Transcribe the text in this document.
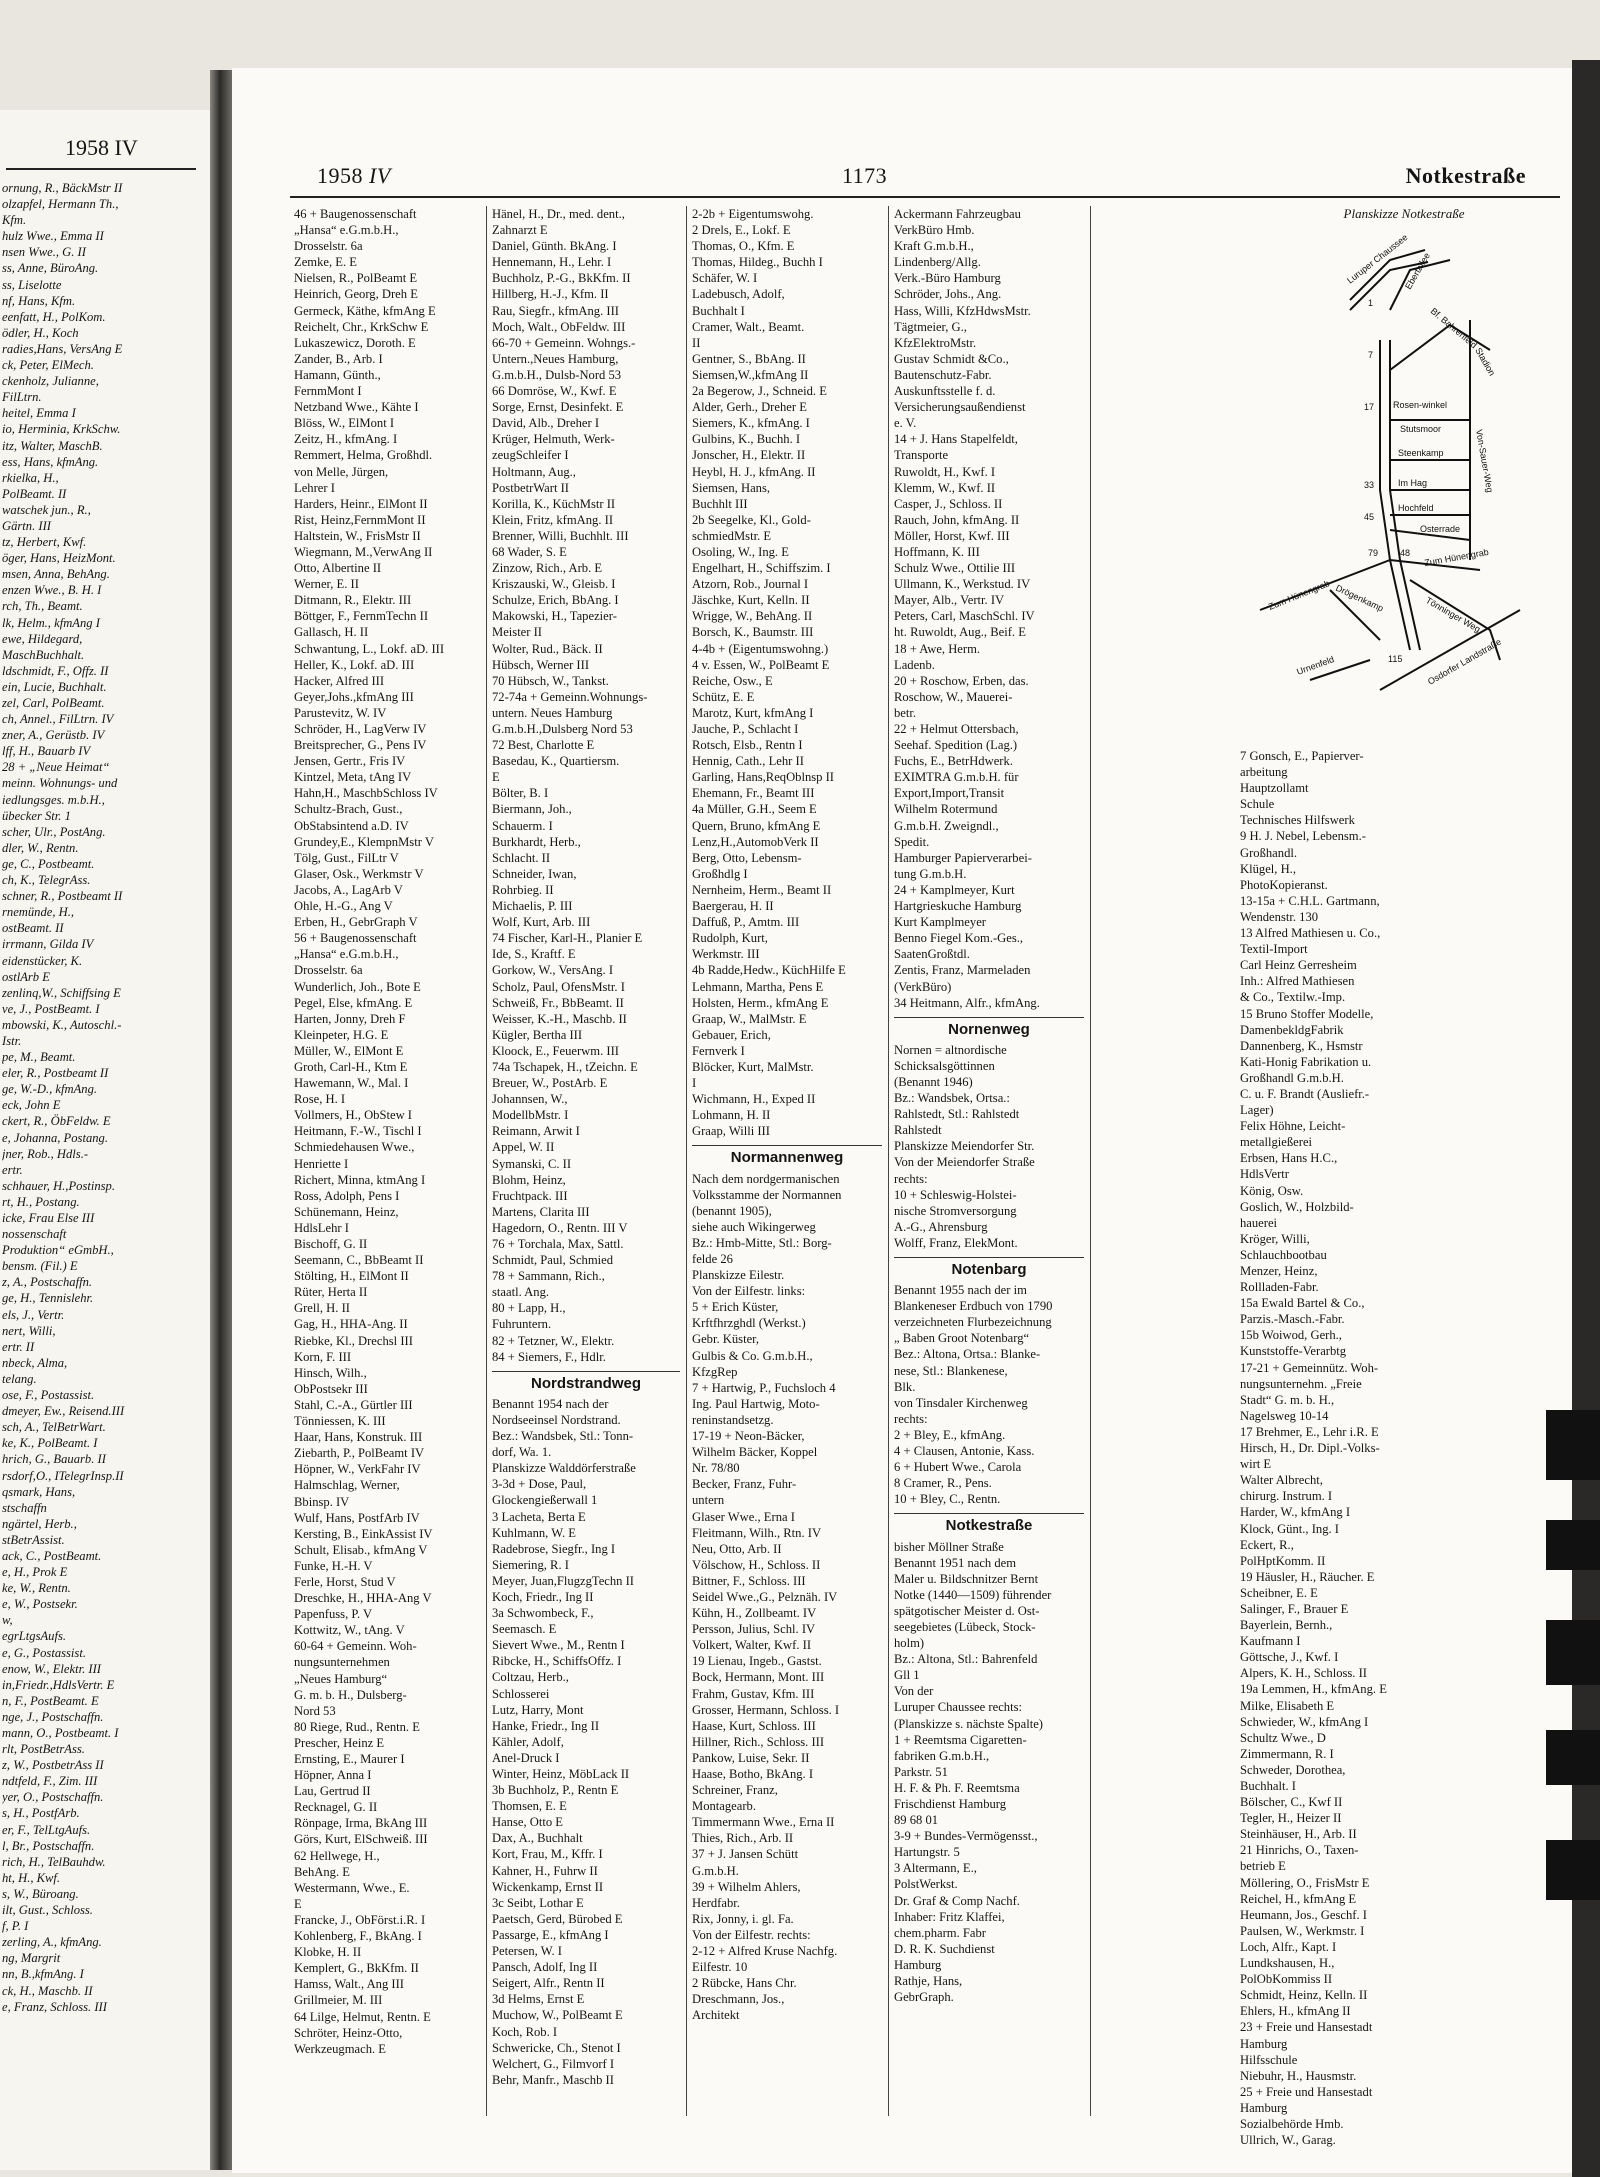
1958 IV
ornung, R., BäckMstr II
olzapfel, Hermann Th.,
Kfm.
hulz Wwe., Emma II
nsen Wwe., G. II
ss, Anne, BüroAng.
ss, Liselotte
nf, Hans, Kfm.
eenfatt, H., PolKom.
ödler, H., Koch
radies,Hans, VersAng E
ck, Peter, ElMech.
ckenholz, Julianne,
FilLtrn.
heitel, Emma I
io, Herminia, KrkSchw.
itz, Walter, MaschB.
ess, Hans, kfmAng.
rkielka, H.,
PolBeamt. II
watschek jun., R.,
Gärtn. III
tz, Herbert, Kwf.
öger, Hans, HeizMont.
msen, Anna, BehAng.
enzen Wwe., B. H. I
rch, Th., Beamt.
lk, Helm., kfmAng I
ewe, Hildegard,
MaschBuchhalt.
ldschmidt, F., Offz. II
ein, Lucie, Buchhalt.
zel, Carl, PolBeamt.
ch, Annel., FilLtrn. IV
zner, A., Gerüstb. IV
lff, H., Bauarb IV
28 + „Neue Heimat“
meinn. Wohnungs- und
iedlungsges. m.b.H.,
übecker Str. 1
scher, Ulr., PostAng.
dler, W., Rentn.
ge, C., Postbeamt.
ch, K., TelegrAss.
schner, R., Postbeamt II
rnemünde, H.,
ostBeamt. II
irrmann, Gilda IV
eidenstücker, K.
ostlArb E
zenlinq,W., Schiffsing E
ve, J., PostBeamt. I
mbowski, K., Autoschl.-
Istr.
pe, M., Beamt.
eler, R., Postbeamt II
ge, W.-D., kfmAng.
eck, John E
ckert, R., ÖbFeldw. E
e, Johanna, Postang.
jner, Rob., Hdls.-
ertr.
schhauer, H.,Postinsp.
rt, H., Postang.
icke, Frau Else III
nossenschaft
Produktion“ eGmbH.,
bensm. (Fil.) E
z, A., Postschaffn.
ge, H., Tennislehr.
els, J., Vertr.
nert, Willi,
ertr. II
nbeck, Alma,
telang.
ose, F., Postassist.
dmeyer, Ew., Reisend.III
sch, A., TelBetrWart.
ke, K., PolBeamt. I
hrich, G., Bauarb. II
rsdorf,O., ITelegrInsp.II
qsmark, Hans,
stschaffn
ngärtel, Herb.,
stBetrAssist.
ack, C., PostBeamt.
e, H., Prok E
ke, W., Rentn.
e, W., Postsekr.
w,
egrLtgsAufs.
e, G., Postassist.
enow, W., Elektr. III
in,Friedr.,HdlsVertr. E
n, F., PostBeamt. E
nge, J., Postschaffn.
mann, O., Postbeamt. I
rlt, PostBetrAss.
z, W., PostbetrAss II
ndtfeld, F., Zim. III
yer, O., Postschaffn.
s, H., PostfArb.
er, F., TelLtgAufs.
l, Br., Postschaffn.
rich, H., TelBauhdw.
ht, H., Kwf.
s, W., Büroang.
ilt, Gust., Schloss.
f, P. I
zerling, A., kfmAng.
ng, Margrit
nn, B.,kfmAng. I
ck, H., Maschb. II
e, Franz, Schloss. III
1958 IV	1173	Notkestraße
46 + Baugenossenschaft
„Hansa“ e.G.m.b.H.,
Drosselstr. 6a
Zemke, E. E
Nielsen, R., PolBeamt E
Heinrich, Georg, Dreh E
Germeck, Käthe, kfmAng E
Reichelt, Chr., KrkSchw E
Lukaszewicz, Doroth. E
Zander, B., Arb. I
Hamann, Günth.,
FernmMont I
Netzband Wwe., Kähte I
Blöss, W., ElMont I
Zeitz, H., kfmAng. I
Remmert, Helma, Großhdl.
von Melle, Jürgen,
Lehrer I
Harders, Heinr., ElMont II
Rist, Heinz,FernmMont II
Haltstein, W., FrisMstr II
Wiegmann, M.,VerwAng II
Otto, Albertine II
Werner, E. II
Ditmann, R., Elektr. III
Böttger, F., FernmTechn II
Gallasch, H. II
Schwantung, L., Lokf. aD. III
Heller, K., Lokf. aD. III
Hacker, Alfred III
Geyer,Johs.,kfmAng III
Parustevitz, W. IV
Schröder, H., LagVerw IV
Breitsprecher, G., Pens IV
Jensen, Gertr., Fris IV
Kintzel, Meta, tAng IV
Hahn,H., MaschbSchloss IV
Schultz-Brach, Gust.,
ObStabsintend a.D. IV
Grundey,E., KlempnMstr V
Tölg, Gust., FilLtr V
Glaser, Osk., Werkmstr V
Jacobs, A., LagArb V
Ohle, H.-G., Ang V
Erben, H., GebrGraph V
56 + Baugenossenschaft
„Hansa“ e.G.m.b.H.,
Drosselstr. 6a
Wunderlich, Joh., Bote E
Pegel, Else, kfmAng. E
Harten, Jonny, Dreh F
Kleinpeter, H.G. E
Müller, W., ElMont E
Groth, Carl-H., Ktm E
Hawemann, W., Mal. I
Rose, H. I
Vollmers, H., ObStew I
Heitmann, F.-W., Tischl I
Schmiedehausen Wwe.,
Henriette I
Richert, Minna, ktmAng I
Ross, Adolph, Pens I
Schünemann, Heinz,
HdlsLehr I
Bischoff, G. II
Seemann, C., BbBeamt II
Stölting, H., ElMont II
Rüter, Herta II
Grell, H. II
Gag, H., HHA-Ang. II
Riebke, Kl., Drechsl III
Korn, F. III
Hinsch, Wilh.,
ObPostsekr III
Stahl, C.-A., Gürtler III
Tönniessen, K. III
Haar, Hans, Konstruk. III
Ziebarth, P., PolBeamt IV
Höpner, W., VerkFahr IV
Halmschlag, Werner,
Bbinsp. IV
Wulf, Hans, PostfArb IV
Kersting, B., EinkAssist IV
Schult, Elisab., kfmAng V
Funke, H.-H. V
Ferle, Horst, Stud V
Dreschke, H., HHA-Ang V
Papenfuss, P. V
Kottwitz, W., tAng. V
60-64 + Gemeinn. Woh-
nungsunternehmen
„Neues Hamburg“
G. m. b. H., Dulsberg-
Nord 53
80 Riege, Rud., Rentn. E
Prescher, Heinz E
Ernsting, E., Maurer I
Höpner, Anna I
Lau, Gertrud II
Recknagel, G. II
Rönpage, Irma, BkAng III
Görs, Kurt, ElSchweiß. III
62 Hellwege, H.,
BehAng. E
Westermann, Wwe., E.
E
Francke, J., ObFörst.i.R. I
Kohlenberg, F., BkAng. I
Klobke, H. II
Kemplert, G., BkKfm. II
Hamss, Walt., Ang III
Grillmeier, M. III
64 Lilge, Helmut, Rentn. E
Schröter, Heinz-Otto,
Werkzeugmach. E
Hänel, H., Dr., med. dent.,
Zahnarzt E
Daniel, Günth. BkAng. I
Hennemann, H., Lehr. I
Buchholz, P.-G., BkKfm. II
Hillberg, H.-J., Kfm. II
Rau, Siegfr., kfmAng. III
Moch, Walt., ObFeldw. III
66-70 + Gemeinn. Wohngs.-
Untern.,Neues Hamburg,
G.m.b.H., Dulsb-Nord 53
66 Domröse, W., Kwf. E
Sorge, Ernst, Desinfekt. E
David, Alb., Dreher I
Krüger, Helmuth, Werk-
zeugSchleifer I
Holtmann, Aug.,
PostbetrWart II
Korilla, K., KüchMstr II
Klein, Fritz, kfmAng. II
Brenner, Willi, Buchhlt. III
68 Wader, S. E
Zinzow, Rich., Arb. E
Kriszauski, W., Gleisb. I
Schulze, Erich, BbAng. I
Makowski, H., Tapezier-
Meister II
Wolter, Rud., Bäck. II
Hübsch, Werner III
70 Hübsch, W., Tankst.
72-74a + Gemeinn.Wohnungs-
untern. Neues Hamburg
G.m.b.H.,Dulsberg Nord 53
72 Best, Charlotte E
Basedau, K., Quartiersm.
E
Bölter, B. I
Biermann, Joh.,
Schauerm. I
Burkhardt, Herb.,
Schlacht. II
Schneider, Iwan,
Rohrbieg. II
Michaelis, P. III
Wolf, Kurt, Arb. III
74 Fischer, Karl-H., Planier E
Ide, S., Kraftf. E
Gorkow, W., VersAng. I
Scholz, Paul, OfensMstr. I
Schweiß, Fr., BbBeamt. II
Weisser, K.-H., Maschb. II
Kügler, Bertha III
Kloock, E., Feuerwm. III
74a Tschapek, H., tZeichn. E
Breuer, W., PostArb. E
Johannsen, W.,
ModellbMstr. I
Reimann, Arwit I
Appel, W. II
Symanski, C. II
Blohm, Heinz,
Fruchtpack. III
Martens, Clarita III
Hagedorn, O., Rentn. III V
76 + Torchala, Max, Sattl.
Schmidt, Paul, Schmied
78 + Sammann, Rich.,
staatl. Ang.
80 + Lapp, H.,
Fuhruntern.
82 + Tetzner, W., Elektr.
84 + Siemers, F., Hdlr.
Nordstrandweg
Benannt 1954 nach der
Nordseeinsel Nordstrand.
Bez.: Wandsbek, Stl.: Tonn-
dorf, Wa. 1.
Planskizze Walddörferstraße
3-3d + Dose, Paul,
Glockengießerwall 1
3 Lacheta, Berta E
Kuhlmann, W. E
Radebrose, Siegfr., Ing I
Siemering, R. I
Meyer, Juan,FlugzgTechn II
Koch, Friedr., Ing II
3a Schwombeck, F.,
Seemasch. E
Sievert Wwe., M., Rentn I
Ribcke, H., SchiffsOffz. I
Coltzau, Herb.,
Schlosserei
Lutz, Harry, Mont
Hanke, Friedr., Ing II
Kähler, Adolf,
Anel-Druck I
Winter, Heinz, MöbLack II
3b Buchholz, P., Rentn E
Thomsen, E. E
Hanse, Otto E
Dax, A., Buchhalt
Kort, Frau, M., Kffr. I
Kahner, H., Fuhrw II
Wickenkamp, Ernst II
3c Seibt, Lothar E
Paetsch, Gerd, Bürobed E
Passarge, E., kfmAng I
Petersen, W. I
Pansch, Adolf, Ing II
Seigert, Alfr., Rentn II
3d Helms, Ernst E
Muchow, W., PolBeamt E
Koch, Rob. I
Schwericke, Ch., Stenot I
Welchert, G., Filmvorf I
Behr, Manfr., Maschb II
2-2b + Eigentumswohg.
2 Drels, E., Lokf. E
Thomas, O., Kfm. E
Thomas, Hildeg., Buchh I
Schäfer, W. I
Ladebusch, Adolf,
Buchhalt I
Cramer, Walt., Beamt.
II
Gentner, S., BbAng. II
Siemsen,W.,kfmAng II
2a Begerow, J., Schneid. E
Alder, Gerh., Dreher E
Siemers, K., kfmAng. I
Gulbins, K., Buchh. I
Jonscher, H., Elektr. II
Heybl, H. J., kfmAng. II
Siemsen, Hans,
Buchhlt III
2b Seegelke, Kl., Gold-
schmiedMstr. E
Osoling, W., Ing. E
Engelhart, H., Schiffszim. I
Atzorn, Rob., Journal I
Jäschke, Kurt, Kelln. II
Wrigge, W., BehAng. II
Borsch, K., Baumstr. III
4-4b + (Eigentumswohng.)
4 v. Essen, W., PolBeamt E
Reiche, Osw., E
Schütz, E. E
Marotz, Kurt, kfmAng I
Jauche, P., Schlacht I
Rotsch, Elsb., Rentn I
Hennig, Cath., Lehr II
Garling, Hans,ReqOblnsp II
Ehemann, Fr., Beamt III
4a Müller, G.H., Seem E
Quern, Bruno, kfmAng E
Lenz,H.,AutomobVerk II
Berg, Otto, Lebensm-
Großhdlg I
Nernheim, Herm., Beamt II
Baergerau, H. II
Daffuß, P., Amtm. III
Rudolph, Kurt,
Werkmstr. III
4b Radde,Hedw., KüchHilfe E
Lehmann, Martha, Pens E
Holsten, Herm., kfmAng E
Graap, W., MalMstr. E
Gebauer, Erich,
Fernverk I
Blöcker, Kurt, MalMstr.
I
Wichmann, H., Exped II
Lohmann, H. II
Graap, Willi III
Normannenweg
Nach dem nordgermanischen
Volksstamme der Normannen
(benannt 1905),
siehe auch Wikingerweg
Bz.: Hmb-Mitte, Stl.: Borg-
felde 26
Planskizze Eilestr.
Von der Eilfestr. links:
5 + Erich Küster,
Krftfhrzghdl (Werkst.)
Gebr. Küster,
Gulbis & Co. G.m.b.H.,
KfzgRep
7 + Hartwig, P., Fuchsloch 4
Ing. Paul Hartwig, Moto-
reninstandsetzg.
17-19 + Neon-Bäcker,
Wilhelm Bäcker, Koppel
Nr. 78/80
Becker, Franz, Fuhr-
untern
Glaser Wwe., Erna I
Fleitmann, Wilh., Rtn. IV
Neu, Otto, Arb. II
Völschow, H., Schloss. II
Bittner, F., Schloss. III
Seidel Wwe.,G., Pelznäh. IV
Kühn, H., Zollbeamt. IV
Persson, Julius, Schl. IV
Volkert, Walter, Kwf. II
19 Lienau, Ingeb., Gastst.
Bock, Hermann, Mont. III
Frahm, Gustav, Kfm. III
Grosser, Hermann, Schloss. I
Haase, Kurt, Schloss. III
Hillner, Rich., Schloss. III
Pankow, Luise, Sekr. II
Haase, Botho, BkAng. I
Schreiner, Franz,
Montagearb.
Timmermann Wwe., Erna II
Thies, Rich., Arb. II
37 + J. Jansen Schütt
G.m.b.H.
39 + Wilhelm Ahlers,
Herdfabr.
Rix, Jonny, i. gl. Fa.
Von der Eilfestr. rechts:
2-12 + Alfred Kruse Nachfg.
Eilfestr. 10
2 Rübcke, Hans Chr.
Dreschmann, Jos.,
Architekt
Ackermann Fahrzeugbau
VerkBüro Hmb.
Kraft G.m.b.H.,
Lindenberg/Allg.
Verk.-Büro Hamburg
Schröder, Johs., Ang.
Hass, Willi, KfzHdwsMstr.
Tägtmeier, G.,
KfzElektroMstr.
Gustav Schmidt &Co.,
Bautenschutz-Fabr.
Auskunftsstelle f. d.
Versicherungsaußendienst
e. V.
14 + J. Hans Stapelfeldt,
Transporte
Ruwoldt, H., Kwf. I
Klemm, W., Kwf. II
Casper, J., Schloss. II
Rauch, John, kfmAng. II
Möller, Horst, Kwf. III
Hoffmann, K. III
Schulz Wwe., Ottilie III
Ullmann, K., Werkstud. IV
Mayer, Alb., Vertr. IV
Peters, Carl, MaschSchl. IV
ht. Ruwoldt, Aug., Beif. E
18 + Awe, Herm.
Ladenb.
20 + Roschow, Erben, das.
Roschow, W., Mauerei-
betr.
22 + Helmut Ottersbach,
Seehaf. Spedition (Lag.)
Fuchs, E., BetrHdwerk.
EXIMTRA G.m.b.H. für
Export,Import,Transit
Wilhelm Rotermund
G.m.b.H. Zweigndl.,
Spedit.
Hamburger Papierverarbei-
tung G.m.b.H.
24 + Kamplmeyer, Kurt
Hartgrieskuche Hamburg
Kurt Kamplmeyer
Benno Fiegel Kom.-Ges.,
SaatenGroßtdl.
Zentis, Franz, Marmeladen
(VerkBüro)
34 Heitmann, Alfr., kfmAng.
Nornenweg
Nornen = altnordische
Schicksalsgöttinnen
(Benannt 1946)
Bz.: Wandsbek, Ortsa.:
Rahlstedt, Stl.: Rahlstedt
Rahlstedt
Planskizze Meiendorfer Str.
Von der Meiendorfer Straße
rechts:
10 + Schleswig-Holstei-
nische Stromversorgung
A.-G., Ahrensburg
Wolff, Franz, ElekMont.
Notenbarg
Benannt 1955 nach der im
Blankeneser Erdbuch von 1790
verzeichneten Flurbezeichnung
„ Baben Groot Notenbarg“
Bez.: Altona, Ortsa.: Blanke-
nese, Stl.: Blankenese,
Blk.
von Tinsdaler Kirchenweg
rechts:
2 + Bley, E., kfmAng.
4 + Clausen, Antonie, Kass.
6 + Hubert Wwe., Carola
8 Cramer, R., Pens.
10 + Bley, C., Rentn.
Notkestraße
bisher Möllner Straße
Benannt 1951 nach dem
Maler u. Bildschnitzer Bernt
Notke (1440—1509) führender
spätgotischer Meister d. Ost-
seegebietes (Lübeck, Stock-
holm)
Bz.: Altona, Stl.: Bahrenfeld
Gll 1
Von der
Luruper Chaussee rechts:
(Planskizze s. nächste Spalte)
1 + Reemtsma Cigaretten-
fabriken G.m.b.H.,
Parkstr. 51
H. F. & Ph. F. Reemtsma
Frischdienst Hamburg
89 68 01
3-9 + Bundes-Vermögensst.,
Hartungstr. 5
3 Altermann, E.,
PolstWerkst.
Dr. Graf & Comp Nachf.
Inhaber: Fritz Klaffei,
chem.pharm. Fabr
D. R. K. Suchdienst
Hamburg
Rathje, Hans,
GebrGraph.
7 Gonsch, E., Papierver-
arbeitung
Hauptzollamt
Schule
Technisches Hilfswerk
9 H. J. Nebel, Lebensm.-
Großhandl.
Klügel, H.,
PhotoKopieranst.
13-15a + C.H.L. Gartmann,
Wendenstr. 130
13 Alfred Mathiesen u. Co.,
Textil-Import
Carl Heinz Gerresheim
Inh.: Alfred Mathiesen
& Co., Textilw.-Imp.
15 Bruno Stoffer Modelle,
DamenbekldgFabrik
Dannenberg, K., Hsmstr
Kati-Honig Fabrikation u.
Großhandl G.m.b.H.
C. u. F. Brandt (Ausliefr.-
Lager)
Felix Höhne, Leicht-
metallgießerei
Erbsen, Hans H.C.,
HdlsVertr
König, Osw.
Goslich, W., Holzbild-
hauerei
Kröger, Willi,
Schlauchbootbau
Menzer, Heinz,
Rollladen-Fabr.
15a Ewald Bartel & Co.,
Parzis.-Masch.-Fabr.
15b Woiwod, Gerh.,
Kunststoffe-Verarbtg
17-21 + Gemeinnütz. Woh-
nungsunternehm. „Freie
Stadt“ G. m. b. H.,
Nagelsweg 10-14
17 Brehmer, E., Lehr i.R. E
Hirsch, H., Dr. Dipl.-Volks-
wirt E
Walter Albrecht,
chirurg. Instrum. I
Harder, W., kfmAng I
Klock, Günt., Ing. I
Eckert, R.,
PolHptKomm. II
19 Häusler, H., Räucher. E
Scheibner, E. E
Salinger, F., Brauer E
Bayerlein, Bernh.,
Kaufmann I
Göttsche, J., Kwf. I
Alpers, K. H., Schloss. II
19a Lemmen, H., kfmAng. E
Milke, Elisabeth E
Schwieder, W., kfmAng I
Schultz Wwe., D
Zimmermann, R. I
Schweder, Dorothea,
Buchhalt. I
Bölscher, C., Kwf II
Tegler, H., Heizer II
Steinhäuser, H., Arb. II
21 Hinrichs, O., Taxen-
betrieb E
Möllering, O., FrisMstr E
Reichel, H., kfmAng E
Heumann, Jos., Geschf. I
Paulsen, W., Werkmstr. I
Loch, Alfr., Kapt. I
Lundkshausen, H.,
PolObKommiss II
Schmidt, Heinz, Kelln. II
Ehlers, H., kfmAng II
23 + Freie und Hansestadt
Hamburg
Hilfsschule
Niebuhr, H., Hausmstr.
25 + Freie und Hansestadt
Hamburg
Sozialbehörde Hmb.
Ullrich, W., Garag.
Planskizze Notkestraße
Luruper Chaussee
Ebertallee
Bf. Bahrenfeld
Stadion
Rosen-winkel
Stutsmoor
Steenkamp
Im Hag
Hochfeld
Osterrade
Zum Hünengrab
Zum Hünengrab Drögenkamp	Tönninger Weg
Urnenfeld	Osdorfer Landstraße
Von-Sauer-Weg
1
7
17
33
45
79 48
115
